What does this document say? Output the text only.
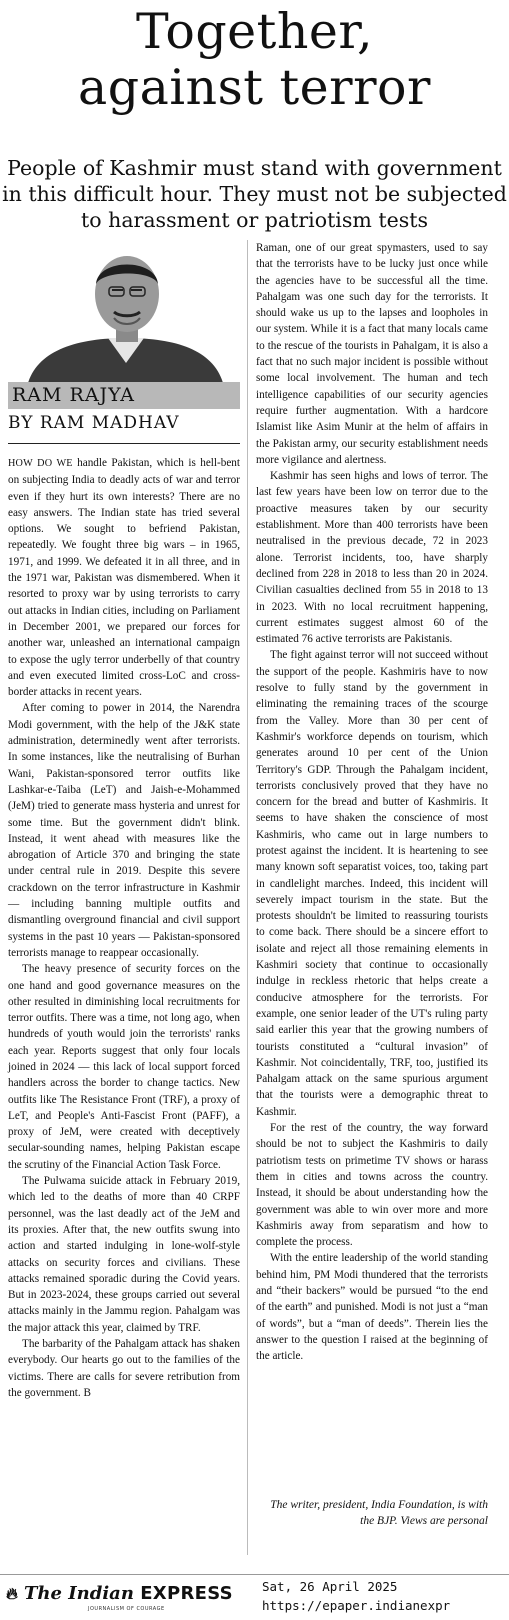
Together,
against terror
People of Kashmir must stand with government in this difficult hour. They must not be subjected to harassment or patriotism tests
RAM RAJYA
BY RAM MADHAV

HOW DO WE handle Pakistan, which is hell-bent on subjecting India to deadly acts of war and terror even if they hurt its own interests? There are no easy answers. The Indian state has tried several options. We sought to befriend Pakistan, repeatedly. We fought three big wars – in 1965, 1971, and 1999. We defeated it in all three, and in the 1971 war, Pakistan was dismembered. When it resorted to proxy war by using terrorists to carry out attacks in Indian cities, including on Parliament in December 2001, we prepared our forces for another war, unleashed an international campaign to expose the ugly terror underbelly of that country and even executed limited cross-LoC and cross-border attacks in recent years.

After coming to power in 2014, the Narendra Modi government, with the help of the J&K state administration, determinedly went after terrorists. In some instances, like the neutralising of Burhan Wani, Pakistan-sponsored terror outfits like Lashkar-e-Taiba (LeT) and Jaish-e-Mohammed (JeM) tried to generate mass hysteria and unrest for some time. But the government didn't blink. Instead, it went ahead with measures like the abrogation of Article 370 and bringing the state under central rule in 2019. Despite this severe crackdown on the terror infrastructure in Kashmir — including banning multiple outfits and dismantling overground financial and civil support systems in the past 10 years — Pakistan-sponsored terrorists manage to reappear occasionally.

The heavy presence of security forces on the one hand and good governance measures on the other resulted in diminishing local recruitments for terror outfits. There was a time, not long ago, when hundreds of youth would join the terrorists' ranks each year. Reports suggest that only four locals joined in 2024 — this lack of local support forced handlers across the border to change tactics. New outfits like The Resistance Front (TRF), a proxy of LeT, and People's Anti-Fascist Front (PAFF), a proxy of JeM, were created with deceptively secular-sounding names, helping Pakistan escape the scrutiny of the Financial Action Task Force.

The Pulwama suicide attack in February 2019, which led to the deaths of more than 40 CRPF personnel, was the last deadly act of the JeM and its proxies. After that, the new outfits swung into action and started indulging in lone-wolf-style attacks on security forces and civilians. These attacks remained sporadic during the Covid years. But in 2023-2024, these groups carried out several attacks mainly in the Jammu region. Pahalgam was the major attack this year, claimed by TRF.

The barbarity of the Pahalgam attack has shaken everybody. Our hearts go out to the families of the victims. There are calls for severe retribution from the government. B

Raman, one of our great spymasters, used to say that the terrorists have to be lucky just once while the agencies have to be successful all the time. Pahalgam was one such day for the terrorists. It should wake us up to the lapses and loopholes in our system. While it is a fact that many locals came to the rescue of the tourists in Pahalgam, it is also a fact that no such major incident is possible without some local involvement. The human and tech intelligence capabilities of our security agencies require further augmentation. With a hardcore Islamist like Asim Munir at the helm of affairs in the Pakistan army, our security establishment needs more vigilance and alertness.

Kashmir has seen highs and lows of terror. The last few years have been low on terror due to the proactive measures taken by our security establishment. More than 400 terrorists have been neutralised in the previous decade, 72 in 2023 alone. Terrorist incidents, too, have sharply declined from 228 in 2018 to less than 20 in 2024. Civilian casualties declined from 55 in 2018 to 13 in 2023. With no local recruitment happening, current estimates suggest almost 60 of the estimated 76 active terrorists are Pakistanis.

The fight against terror will not succeed without the support of the people. Kashmiris have to now resolve to fully stand by the government in eliminating the remaining traces of the scourge from the Valley. More than 30 per cent of Kashmir's workforce depends on tourism, which generates around 10 per cent of the Union Territory's GDP. Through the Pahalgam incident, terrorists conclusively proved that they have no concern for the bread and butter of Kashmiris. It seems to have shaken the conscience of most Kashmiris, who came out in large numbers to protest against the incident. It is heartening to see many known soft separatist voices, too, taking part in candlelight marches. Indeed, this incident will severely impact tourism in the state. But the protests shouldn't be limited to reassuring tourists to come back. There should be a sincere effort to isolate and reject all those remaining elements in Kashmiri society that continue to occasionally indulge in reckless rhetoric that helps create a conducive atmosphere for the terrorists. For example, one senior leader of the UT's ruling party said earlier this year that the growing numbers of tourists constituted a “cultural invasion” of Kashmir. Not coincidentally, TRF, too, justified its Pahalgam attack on the same spurious argument that the tourists were a demographic threat to Kashmir.

For the rest of the country, the way forward should be not to subject the Kashmiris to daily patriotism tests on primetime TV shows or harass them in cities and towns across the country. Instead, it should be about understanding how the government was able to win over more and more Kashmiris away from separatism and how to complete the process.

With the entire leadership of the world standing behind him, PM Modi thundered that the terrorists and “their backers” would be pursued “to the end of the earth” and punished. Modi is not just a “man of words”, but a “man of deeds”. Therein lies the answer to the question I raised at the beginning of the article.

The writer, president, India Foundation, is with the BJP. Views are personal
🔥︎ The Indian EXPRESS
JOURNALISM OF COURAGE
Sat, 26 April 2025
https://epaper.indianexpr
